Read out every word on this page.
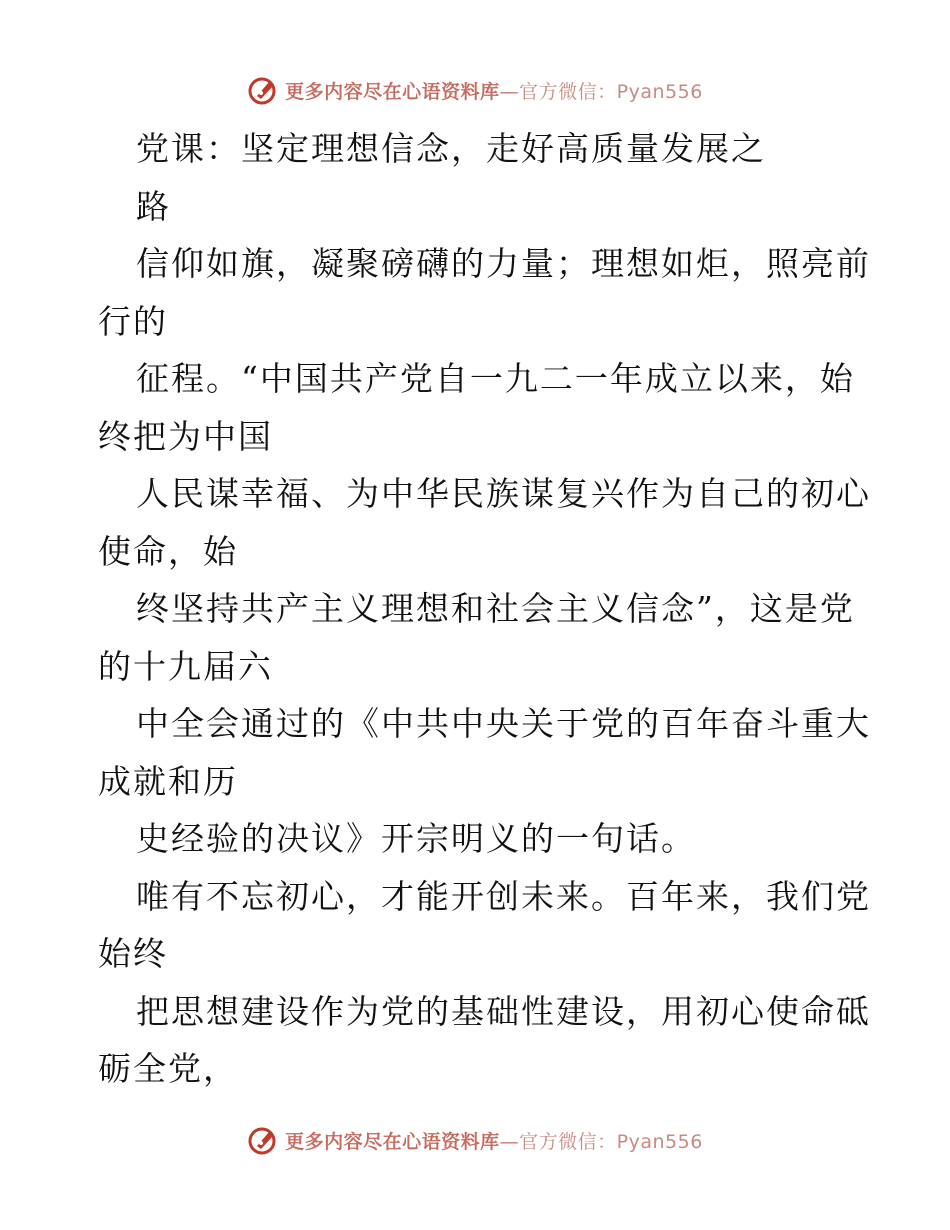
更多内容尽在心语资料库—官方微信：Pyan556
党课：坚定理想信念，走好高质量发展之
路
信仰如旗，凝聚磅礴的力量；理想如炬，照亮前
行的
征程。“中国共产党自一九二一年成立以来，始
终把为中国
人民谋幸福、为中华民族谋复兴作为自己的初心
使命，始
终坚持共产主义理想和社会主义信念”，这是党
的十九届六
中全会通过的《中共中央关于党的百年奋斗重大
成就和历
史经验的决议》开宗明义的一句话。
唯有不忘初心，才能开创未来。百年来，我们党
始终
把思想建设作为党的基础性建设，用初心使命砥
砺全党，
更多内容尽在心语资料库—官方微信：Pyan556
